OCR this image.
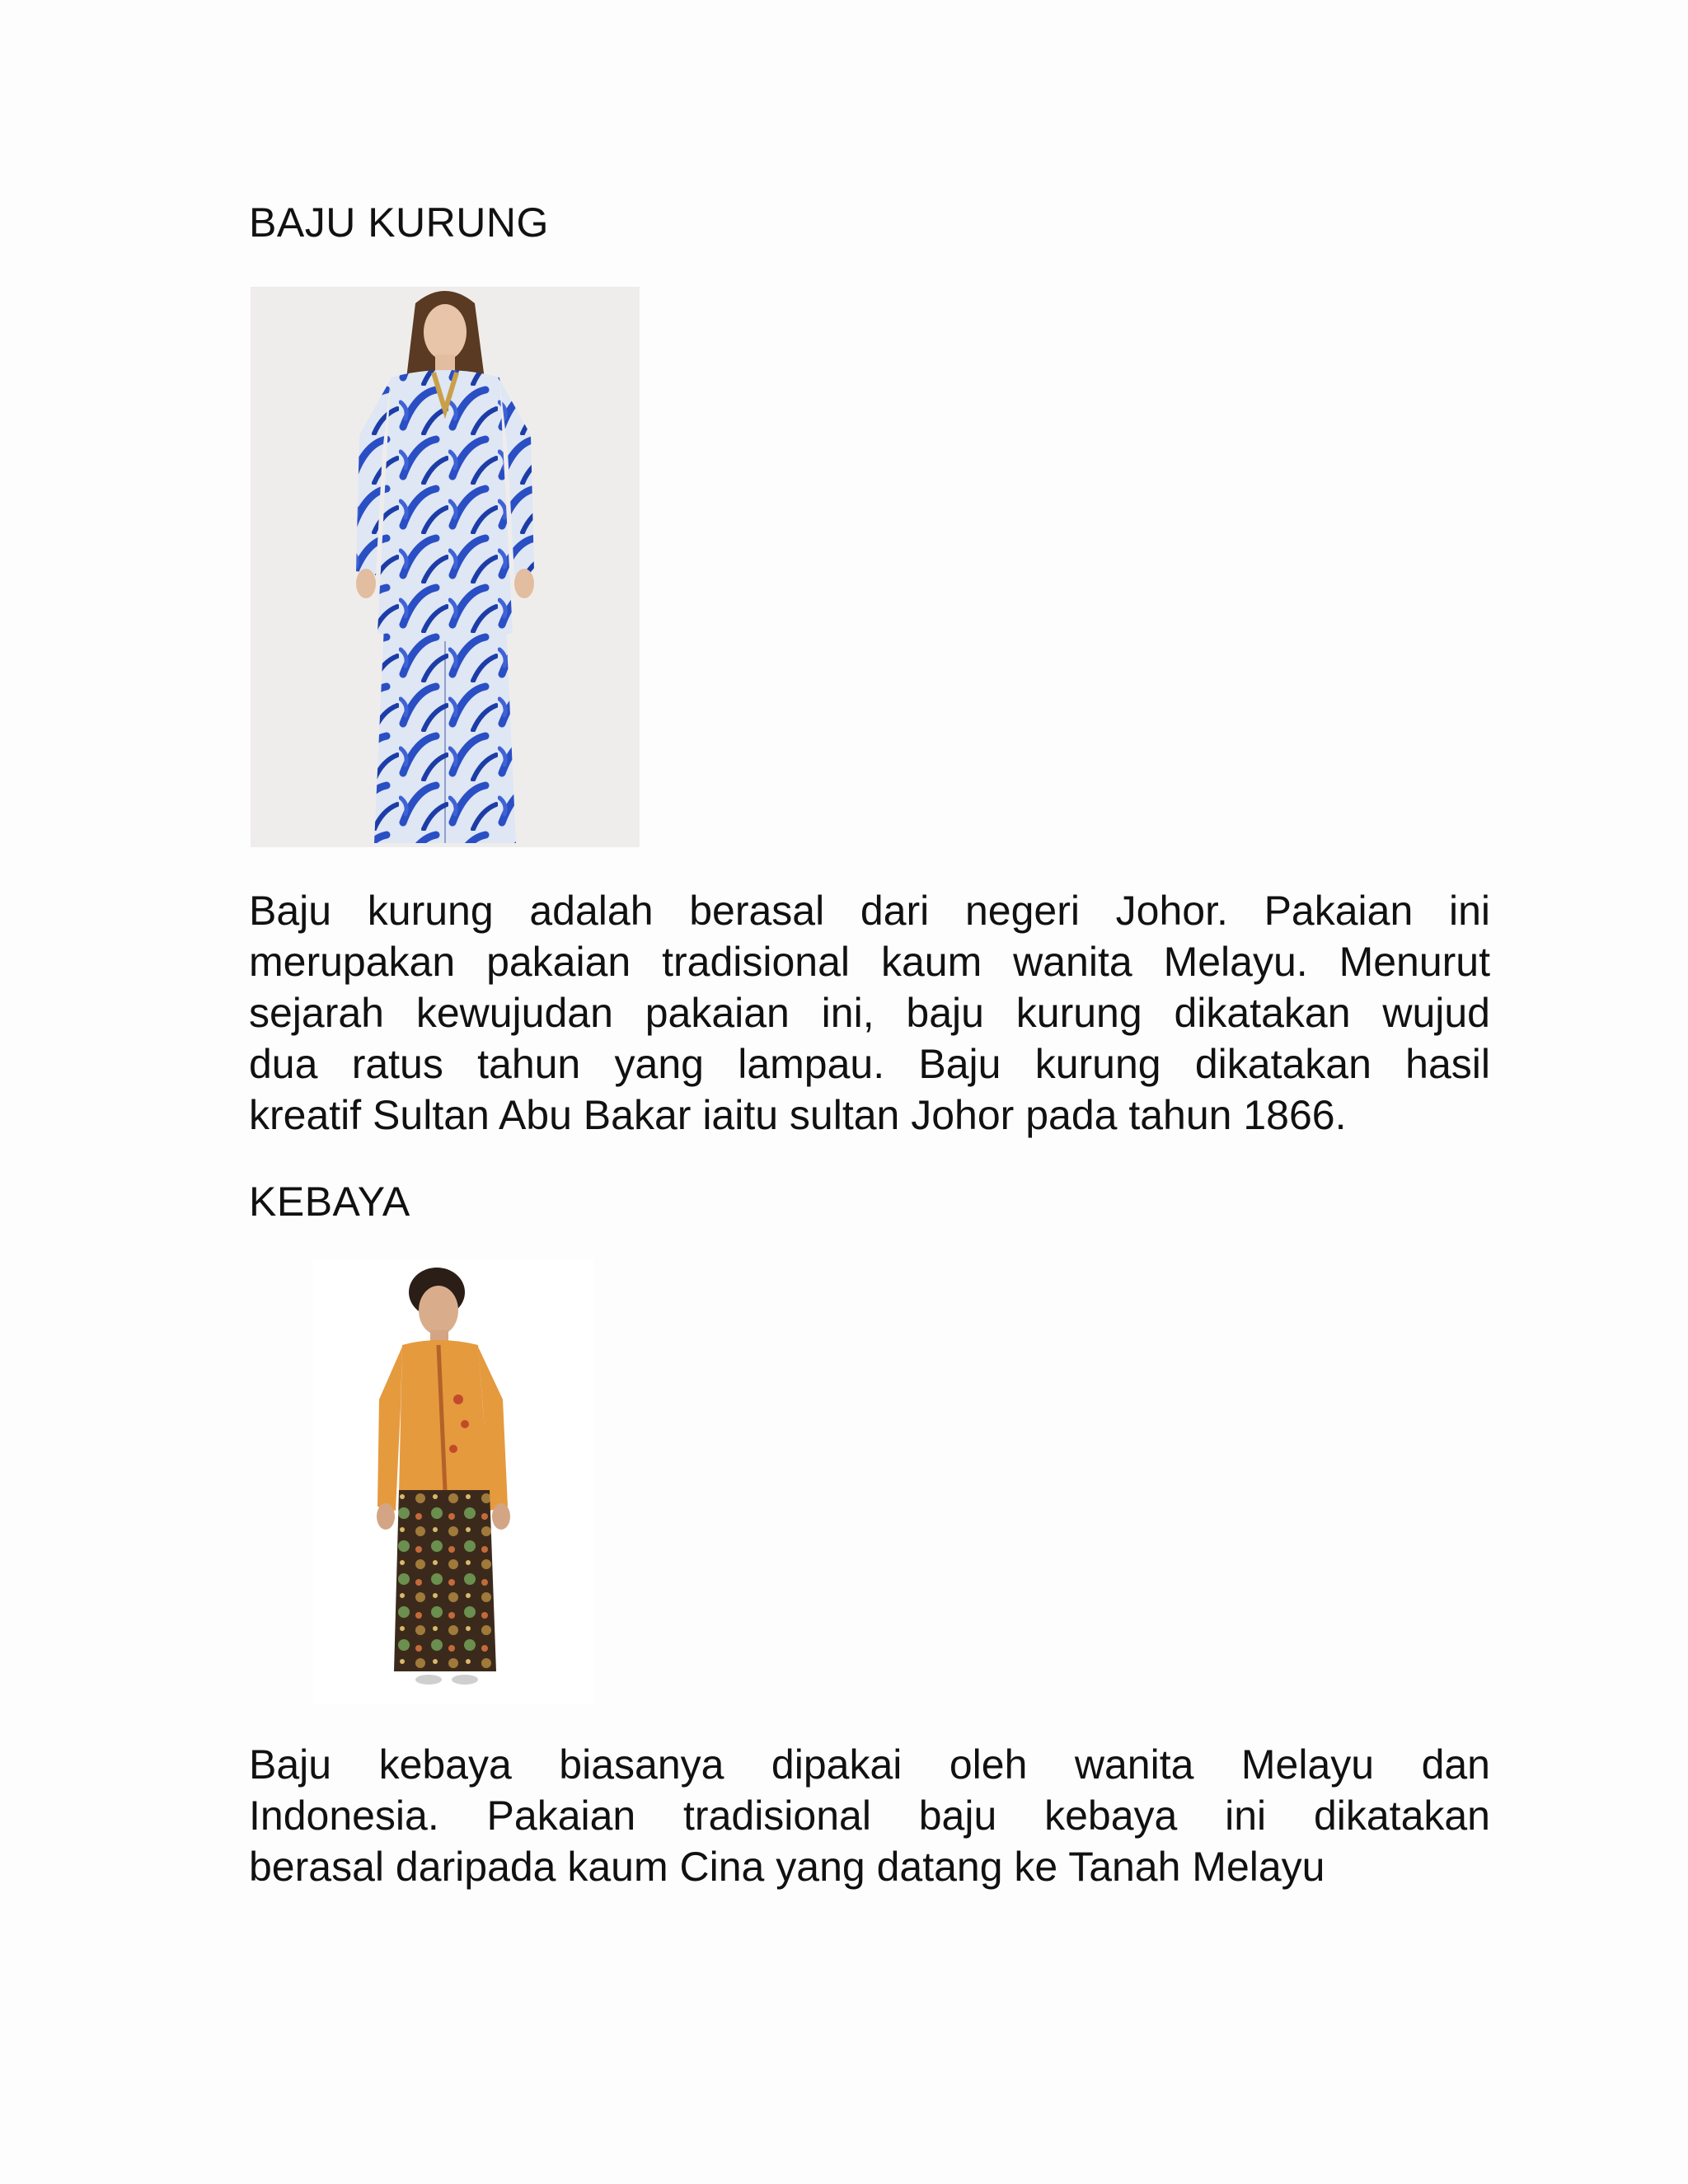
BAJU KURUNG
Baju kurung adalah berasal dari negeri Johor. Pakaian ini
merupakan pakaian tradisional kaum wanita Melayu. Menurut
sejarah kewujudan pakaian ini, baju kurung dikatakan wujud
dua ratus tahun yang lampau. Baju kurung dikatakan hasil
kreatif Sultan Abu Bakar iaitu sultan Johor pada tahun 1866.
KEBAYA
Baju kebaya biasanya dipakai oleh wanita Melayu dan
Indonesia. Pakaian tradisional baju kebaya ini dikatakan
berasal daripada kaum Cina yang datang ke Tanah Melayu
